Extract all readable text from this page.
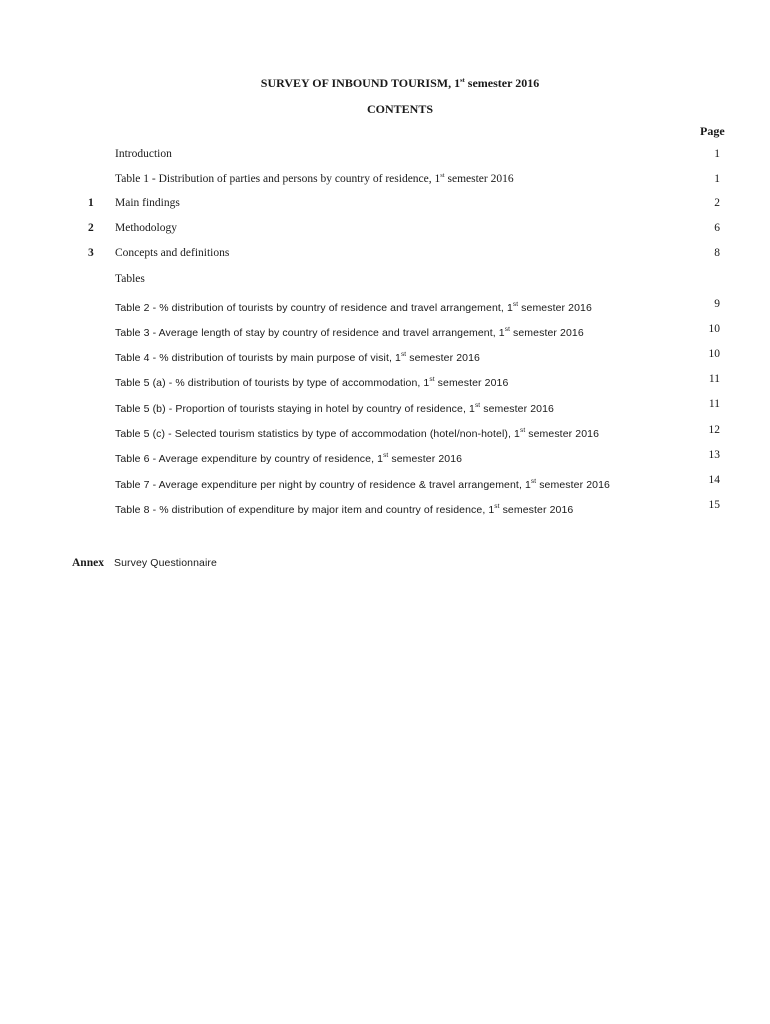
SURVEY OF INBOUND TOURISM, 1st semester 2016
CONTENTS
Page
Introduction	1
Table 1 - Distribution of parties and persons by country of residence, 1st semester 2016	1
1 Main findings	2
2 Methodology	6
3 Concepts and definitions	8
Tables
Table 2 - % distribution of tourists by country of residence and travel arrangement, 1st semester 2016	9
Table 3 - Average length of stay by country of residence and travel arrangement, 1st semester 2016	10
Table 4 - % distribution of tourists by main purpose of visit, 1st semester 2016	10
Table 5 (a) - % distribution of tourists by type of accommodation, 1st semester 2016	11
Table 5 (b) - Proportion of tourists staying in hotel by country of residence, 1st semester 2016	11
Table 5 (c) - Selected tourism statistics by type of accommodation (hotel/non-hotel), 1st semester 2016	12
Table 6 - Average expenditure by country of residence, 1st semester 2016	13
Table 7 - Average expenditure per night by country of residence & travel arrangement, 1st semester 2016	14
Table 8 - % distribution of expenditure by major item and country of residence, 1st semester 2016	15
Annex Survey Questionnaire
